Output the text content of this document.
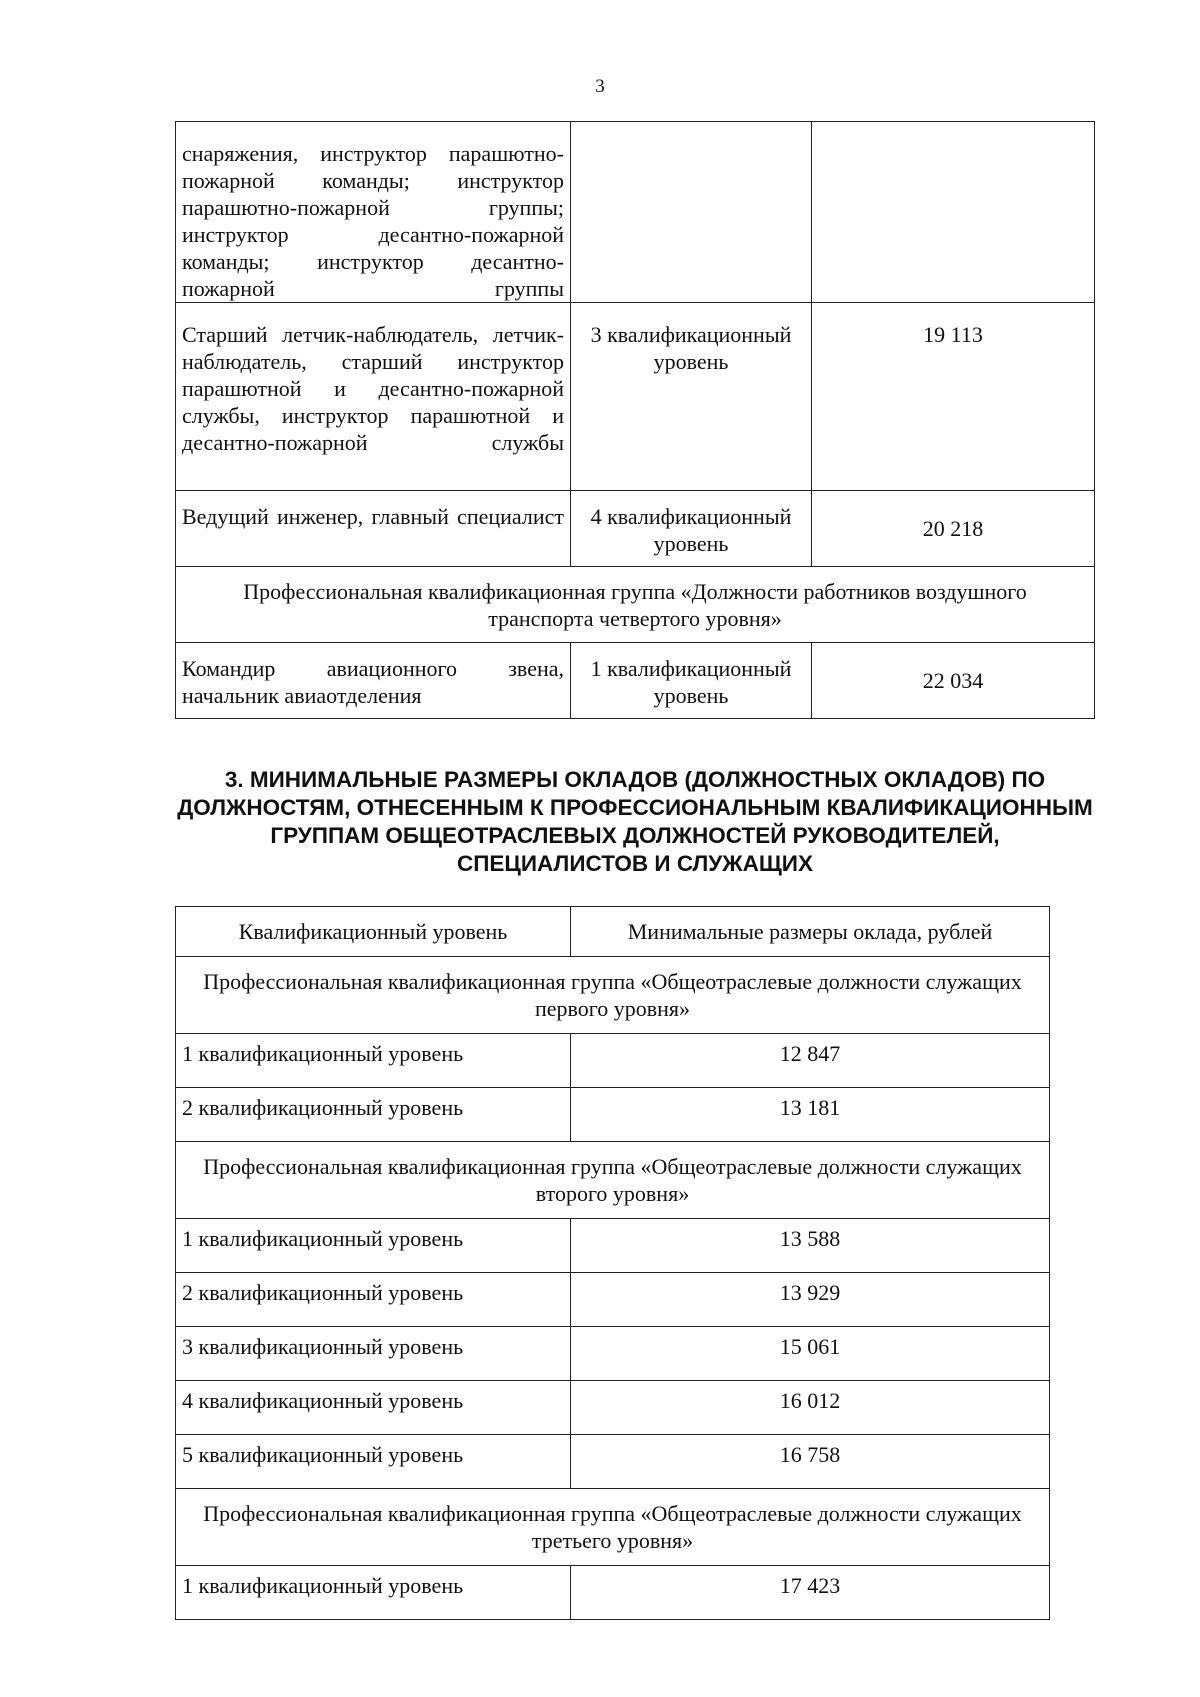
3
снаряжения, инструктор парашютно-пожарной команды; инструктор парашютно-пожарной группы; инструктор десантно-пожарной команды; инструктор десантно-пожарной группы		
Старший летчик-наблюдатель, летчик-наблюдатель, старший инструктор парашютной и десантно-пожарной службы, инструктор парашютной и десантно-пожарной службы	3 квалификационный уровень	19 113
Ведущий инженер, главный специалист	4 квалификационный уровень	20 218
Профессиональная квалификационная группа «Должности работников воздушного транспорта четвертого уровня»		
Командир авиационного звена, начальник авиаотделения	1 квалификационный уровень	22 034
3. МИНИМАЛЬНЫЕ РАЗМЕРЫ ОКЛАДОВ (ДОЛЖНОСТНЫХ ОКЛАДОВ) ПО ДОЛЖНОСТЯМ, ОТНЕСЕННЫМ К ПРОФЕССИОНАЛЬНЫМ КВАЛИФИКАЦИОННЫМ ГРУППАМ ОБЩЕОТРАСЛЕВЫХ ДОЛЖНОСТЕЙ РУКОВОДИТЕЛЕЙ, СПЕЦИАЛИСТОВ И СЛУЖАЩИХ
Квалификационный уровень	Минимальные размеры оклада, рублей
Профессиональная квалификационная группа «Общеотраслевые должности служащих первого уровня»	
1 квалификационный уровень	12 847
2 квалификационный уровень	13 181
Профессиональная квалификационная группа «Общеотраслевые должности служащих второго уровня»	
1 квалификационный уровень	13 588
2 квалификационный уровень	13 929
3 квалификационный уровень	15 061
4 квалификационный уровень	16 012
5 квалификационный уровень	16 758
Профессиональная квалификационная группа «Общеотраслевые должности служащих третьего уровня»	
1 квалификационный уровень	17 423
